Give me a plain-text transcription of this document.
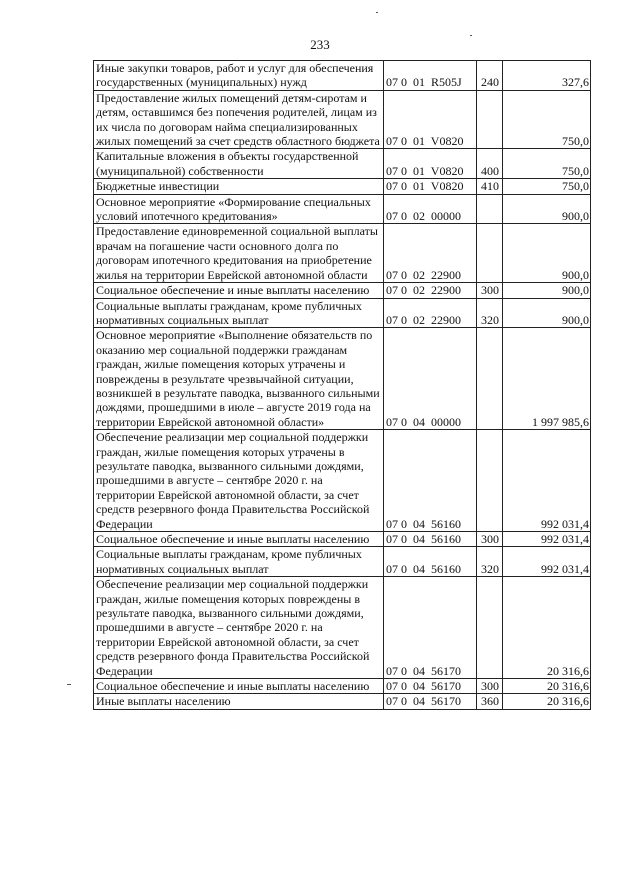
233
Иные закупки товаров, работ и услуг для обеспечения государственных (муниципальных) нужд	07 0  01  R505J	240	327,6
Предоставление жилых помещений детям-сиротам и детям, оставшимся без попечения родителей, лицам из их числа по договорам найма специализированных жилых помещений за счет средств областного бюджета	07 0  01  V0820		750,0
Капитальные вложения в объекты государственной (муниципальной) собственности	07 0  01  V0820	400	750,0
Бюджетные инвестиции	07 0  01  V0820	410	750,0
Основное мероприятие «Формирование специальных условий ипотечного кредитования»	07 0  02  00000		900,0
Предоставление единовременной социальной выплаты врачам на погашение части основного долга по договорам ипотечного кредитования на приобретение жилья на территории Еврейской автономной области	07 0  02  22900		900,0
Социальное обеспечение и иные выплаты населению	07 0  02  22900	300	900,0
Социальные выплаты гражданам, кроме публичных нормативных социальных выплат	07 0  02  22900	320	900,0
Основное мероприятие «Выполнение обязательств по оказанию мер социальной поддержки гражданам граждан, жилые помещения которых утрачены и повреждены в результате чрезвычайной ситуации, возникшей в результате паводка, вызванного сильными дождями, прошедшими в июле – августе 2019 года на территории Еврейской автономной области»	07 0  04  00000		1 997 985,6
Обеспечение реализации мер социальной поддержки граждан, жилые помещения которых утрачены в результате паводка, вызванного сильными дождями, прошедшими в августе – сентябре 2020 г. на территории Еврейской автономной области, за счет средств резервного фонда Правительства Российской Федерации	07 0  04  56160		992 031,4
Социальное обеспечение и иные выплаты населению	07 0  04  56160	300	992 031,4
Социальные выплаты гражданам, кроме публичных нормативных социальных выплат	07 0  04  56160	320	992 031,4
Обеспечение реализации мер социальной поддержки граждан, жилые помещения которых повреждены в результате паводка, вызванного сильными дождями, прошедшими в августе – сентябре 2020 г. на территории Еврейской автономной области, за счет средств резервного фонда Правительства Российской Федерации	07 0  04  56170		20 316,6
Социальное обеспечение и иные выплаты населению	07 0  04  56170	300	20 316,6
Иные выплаты населению	07 0  04  56170	360	20 316,6
